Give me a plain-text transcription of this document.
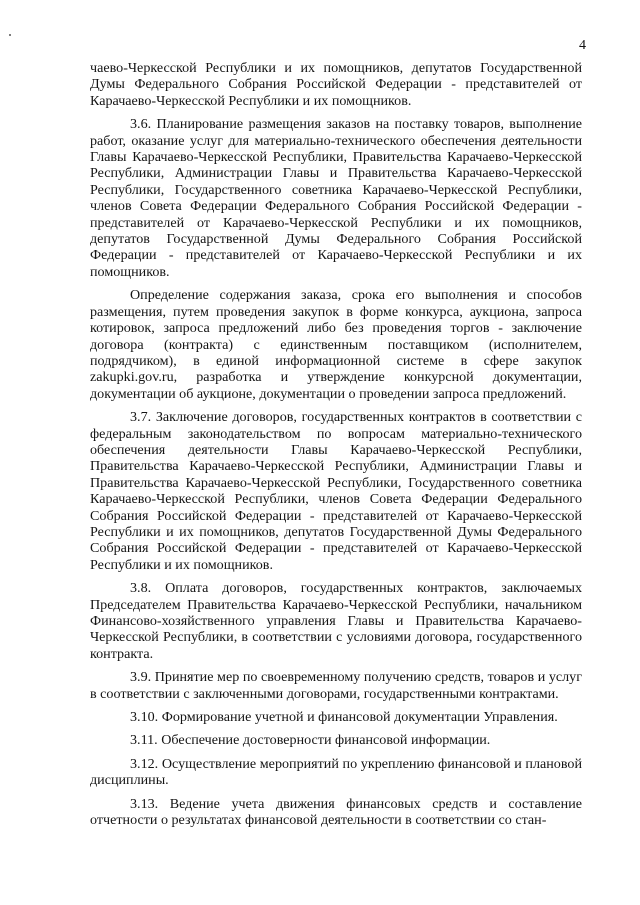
4

чаево-Черкесской Республики и их помощников, депутатов Государственной Думы Федерального Собрания Российской Федерации - представителей от Карачаево-Черкесской Республики и их помощников.

3.6. Планирование размещения заказов на поставку товаров, выполнение работ, оказание услуг для материально-технического обеспечения деятельности Главы Карачаево-Черкесской Республики, Правительства Карачаево-Черкесской Республики, Администрации Главы и Правительства Карачаево-Черкесской Республики, Государственного советника Карачаево-Черкесской Республики, членов Совета Федерации Федерального Собрания Российской Федерации - представителей от Карачаево-Черкесской Республики и их помощников, депутатов Государственной Думы Федерального Собрания Российской Федерации - представителей от Карачаево-Черкесской Республики и их помощников.

Определение содержания заказа, срока его выполнения и способов размещения, путем проведения закупок в форме конкурса, аукциона, запроса котировок, запроса предложений либо без проведения торгов - заключение договора (контракта) с единственным поставщиком (исполнителем, подрядчиком), в единой информационной системе в сфере закупок zakupki.gov.ru, разработка и утверждение конкурсной документации, документации об аукционе, документации о проведении запроса предложений.

3.7. Заключение договоров, государственных контрактов в соответствии с федеральным законодательством по вопросам материально-технического обеспечения деятельности Главы Карачаево-Черкесской Республики, Правительства Карачаево-Черкесской Республики, Администрации Главы и Правительства Карачаево-Черкесской Республики, Государственного советника Карачаево-Черкесской Республики, членов Совета Федерации Федерального Собрания Российской Федерации - представителей от Карачаево-Черкесской Республики и их помощников, депутатов Государственной Думы Федерального Собрания Российской Федерации - представителей от Карачаево-Черкесской Республики и их помощников.

3.8. Оплата договоров, государственных контрактов, заключаемых Председателем Правительства Карачаево-Черкесской Республики, начальником Финансово-хозяйственного управления Главы и Правительства Карачаево-Черкесской Республики, в соответствии с условиями договора, государственного контракта.

3.9. Принятие мер по своевременному получению средств, товаров и услуг в соответствии с заключенными договорами, государственными контрактами.

3.10. Формирование учетной и финансовой документации Управления.

3.11. Обеспечение достоверности финансовой информации.

3.12. Осуществление мероприятий по укреплению финансовой и плановой дисциплины.

3.13. Ведение учета движения финансовых средств и составление отчетности о результатах финансовой деятельности в соответствии со стан-
